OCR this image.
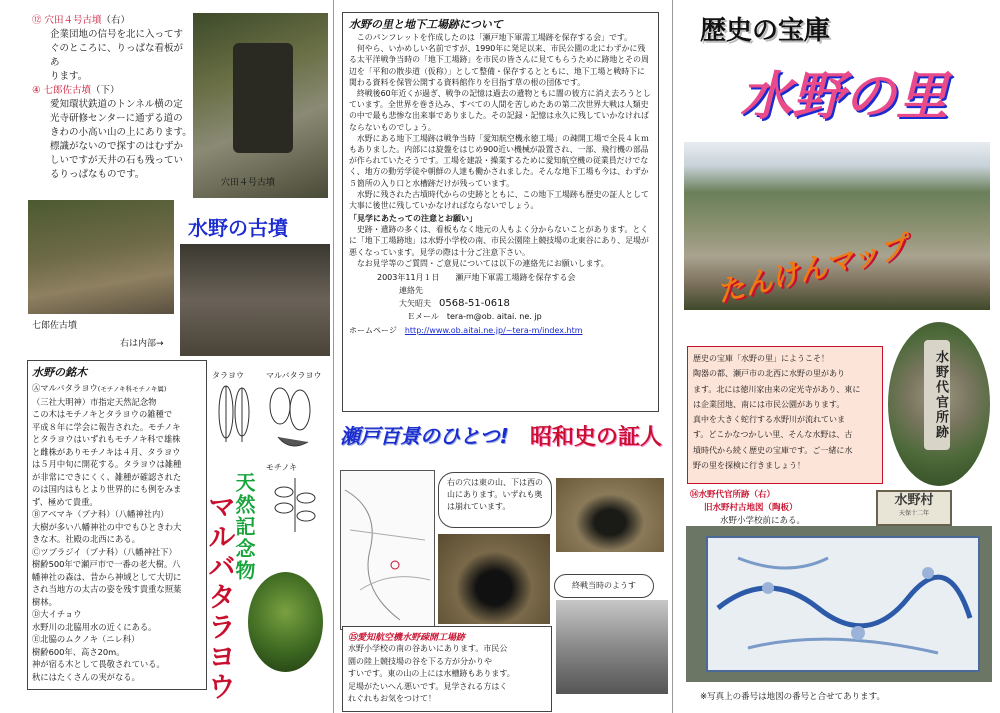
⑫ 穴田４号古墳（右）
企業団地の信号を北に入ってす
ぐのところに、りっぱな看板があ
ります。
④ 七郎佐古墳（下）
愛知環状鉄道のトンネル横の定
光寺研修センターに通ずる道の
きわの小高い山の上にあります。
標識がないので探すのはむずか
しいですが天井の石も残ってい
るりっぱなものです。
穴田４号古墳
水野の古墳
七郎佐古墳
右は内部→
水野の銘木
Ⓐマルバタラヨウ(モチノキ科モチノキ属)
（三社大明神）市指定天然記念物
この木はモチノキとタラヨウの雑種で
平成８年に学会に報告された。モチノキ
とタラヨウはいずれもモチノキ科で雄株
と雌株がありモチノキは４月、タラヨウ
は５月中旬に開花する。タラヨウは雑種
が非常にできにくく、雑種が確認された
のは国内はもとより世界的にも例をみま
ず、極めて貴重。
Ⓑアベマキ（ブナ科）（八幡神社内）
大樹が多い八幡神社の中でもひときわ大
きな木。社殿の北西にある。
Ⓒツブラジイ（ブナ科）（八幡神社下）
樹齢500年で瀬戸市で一番の老大樹。八
幡神社の森は、昔から神域として大切に
され当地方の太古の姿を残す貴重な照葉
樹林。
Ⓓ大イチョウ
水野川の北脇用水の近くにある。
Ⓔ北脇のムクノキ（ニレ科）
樹齢600年、高さ20m。
神が宿る木として畏敬されている。
秋にはたくさんの実がなる。
タラヨウ	マルバタラヨウ
モチノキ
天然記念物
マルバタラヨウ
水野の里と地下工場跡について
このパンフレットを作成したのは「瀬戸地下軍需工場跡を保存する会」です。
何やら、いかめしい名前ですが、1990年に発足以来、市民公園の北にわずかに残る太平洋戦争当時の「地下工場跡」を市民の皆さんに見てもらうために跡地とその周辺を「平和の散歩道（仮称）」として整備・保存するとともに、地下工場と戦時下に関わる資料を保管公開する資料館作りを目指す草の根の団体です。
終戦後60年近くが過ぎ、戦争の記憶は過去の遺物ともに闇の彼方に消え去ろうとしています。全世界を巻き込み、すべての人間を苦しめたあの第二次世界大戦は人類史の中で最も悲惨な出来事でありました。その記録・記憶は永久に残していかなければならないものでしょう。
水野にある地下工場跡は戦争当時「愛知航空機永徳工場」の疎開工場で全長４ｋｍもありました。内部には旋盤をはじめ900近い機械が設置され、一部、飛行機の部品が作られていたそうです。工場を建設・操業するために愛知航空機の従業員だけでなく、地方の動労学徒や朝鮮の人達も働かされました。そんな地下工場も今は、わずか５箇所の入り口と水槽跡だけが残っています。
水野に残された古墳時代からの史跡とともに、この地下工場跡も歴史の証人として大事に後世に残していかなければならないでしょう。
「見学にあたっての注意とお願い」
史跡・遺跡の多くは、看板もなく地元の人もよく分からないことがあります。とくに「地下工場跡地」は水野小学校の南、市民公園陸上競技場の北東谷にあり、足場が悪くなっています。見学の際は十分ご注意下さい。
なお見学等のご質問・ご意見については以下の連絡先にお願いします。
2003年11月１日　　瀬戸地下軍需工場跡を保存する会
連絡先
大矢昭夫　 0568-51-0618
Ｅメール　 tera-m@ob. aitai. ne. jp
ホームページ　 http://www.ob.aitai.ne.jp/~tera-m/index.htm
瀬戸百景のひとつ! 昭和史の証人
右の穴は東の山、下は西の山にあります。いずれも奥は崩れています。
終戦当時のようす
⑮愛知航空機水野疎開工場跡
水野小学校の南の谷あいにあります。市民公
園の陸上競技場の谷を下る方が分かりや
すいです。東の山の上には水槽跡もあります。
足場がたいへん悪いです。見学される方はく
れぐれもお気をつけて！
歴史の宝庫
水野の里
たんけんマップ
歴史の宝庫「水野の里」にようこそ！
陶器の都、瀬戸市の北西に水野の里があり
ます。北には徳川家由来の定光寺があり、東に
は企業団地、南には市民公園があります。
真中を大きく蛇行する水野川が流れていま
す。どこかなつかしい里、そんな水野は、古
墳時代から続く歴史の宝庫です。ご一緒に水
野の里を探検に行きましょう！
水野代官所跡
⑭水野代官所跡（右）
旧水野村古地図（陶板）
水野小学校前にある。
水野村
天保十二年
※写真上の番号は地図の番号と合せてあります。
